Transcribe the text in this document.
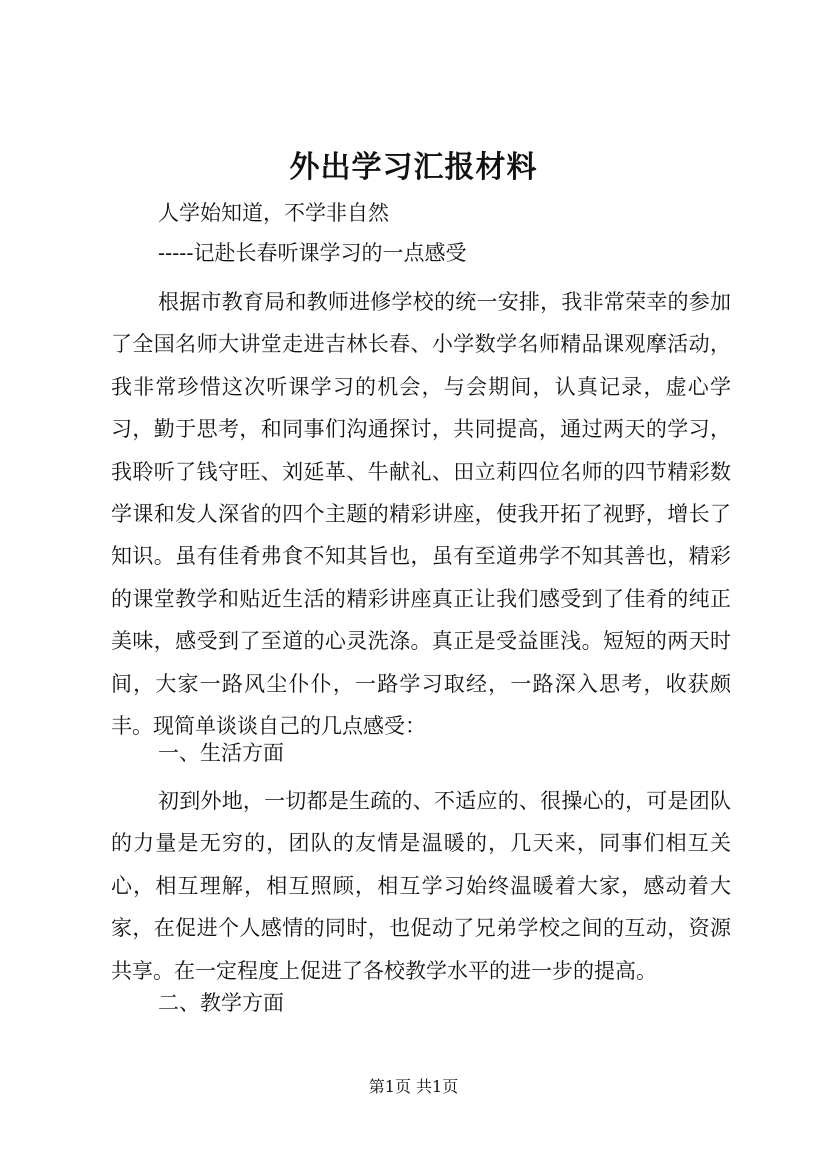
外出学习汇报材料

人学始知道，不学非自然

-----记赴长春听课学习的一点感受

根据市教育局和教师进修学校的统一安排，我非常荣幸的参加了全国名师大讲堂走进吉林长春、小学数学名师精品课观摩活动，我非常珍惜这次听课学习的机会，与会期间，认真记录，虚心学习，勤于思考，和同事们沟通探讨，共同提高，通过两天的学习，我聆听了钱守旺、刘延革、牛献礼、田立莉四位名师的四节精彩数学课和发人深省的四个主题的精彩讲座，使我开拓了视野，增长了知识。虽有佳肴弗食不知其旨也，虽有至道弗学不知其善也，精彩的课堂教学和贴近生活的精彩讲座真正让我们感受到了佳肴的纯正美味，感受到了至道的心灵洗涤。真正是受益匪浅。短短的两天时间，大家一路风尘仆仆，一路学习取经，一路深入思考，收获颇丰。现简单谈谈自己的几点感受：

一、生活方面

初到外地，一切都是生疏的、不适应的、很操心的，可是团队的力量是无穷的，团队的友情是温暖的，几天来，同事们相互关心，相互理解，相互照顾，相互学习始终温暖着大家，感动着大家，在促进个人感情的同时，也促动了兄弟学校之间的互动，资源共享。在一定程度上促进了各校教学水平的进一步的提高。

二、教学方面

第1页 共1页
